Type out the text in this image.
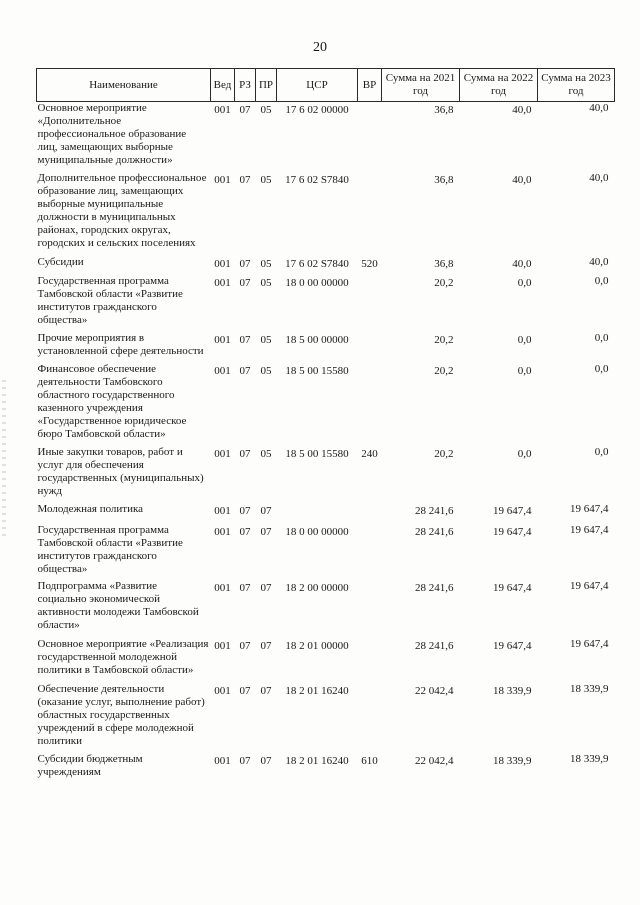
20
Наименование	Вед	РЗ	ПР	ЦСР	ВР	Сумма на 2021 год	Сумма на 2022 год	Сумма на 2023 год
Основное мероприятие «Дополнительное профессиональное образование лиц, замещающих выборные муниципальные должности»	001	07	05	17 6 02 00000		36,8	40,0	40,0
Дополнительное профессиональное образование лиц, замещающих выборные муниципальные должности в муниципальных районах, городских округах, городских и сельских поселениях	001	07	05	17 6 02 S7840		36,8	40,0	40,0
Субсидии	001	07	05	17 6 02 S7840	520	36,8	40,0	40,0
Государственная программа Тамбовской области «Развитие институтов гражданского общества»	001	07	05	18 0 00 00000		20,2	0,0	0,0
Прочие мероприятия в установленной сфере деятельности	001	07	05	18 5 00 00000		20,2	0,0	0,0
Финансовое обеспечение деятельности Тамбовского областного государственного казенного учреждения «Государственное юридическое бюро Тамбовской области»	001	07	05	18 5 00 15580		20,2	0,0	0,0
Иные закупки товаров, работ и услуг для обеспечения государственных (муниципальных) нужд	001	07	05	18 5 00 15580	240	20,2	0,0	0,0
Молодежная политика	001	07	07			28 241,6	19 647,4	19 647,4
Государственная программа Тамбовской области «Развитие институтов гражданского общества»	001	07	07	18 0 00 00000		28 241,6	19 647,4	19 647,4
Подпрограмма «Развитие социально экономической активности молодежи Тамбовской области»	001	07	07	18 2 00 00000		28 241,6	19 647,4	19 647,4
Основное мероприятие «Реализация государственной молодежной политики в Тамбовской области»	001	07	07	18 2 01 00000		28 241,6	19 647,4	19 647,4
Обеспечение деятельности (оказание услуг, выполнение работ) областных государственных учреждений в сфере молодежной политики	001	07	07	18 2 01 16240		22 042,4	18 339,9	18 339,9
Субсидии бюджетным учреждениям	001	07	07	18 2 01 16240	610	22 042,4	18 339,9	18 339,9
